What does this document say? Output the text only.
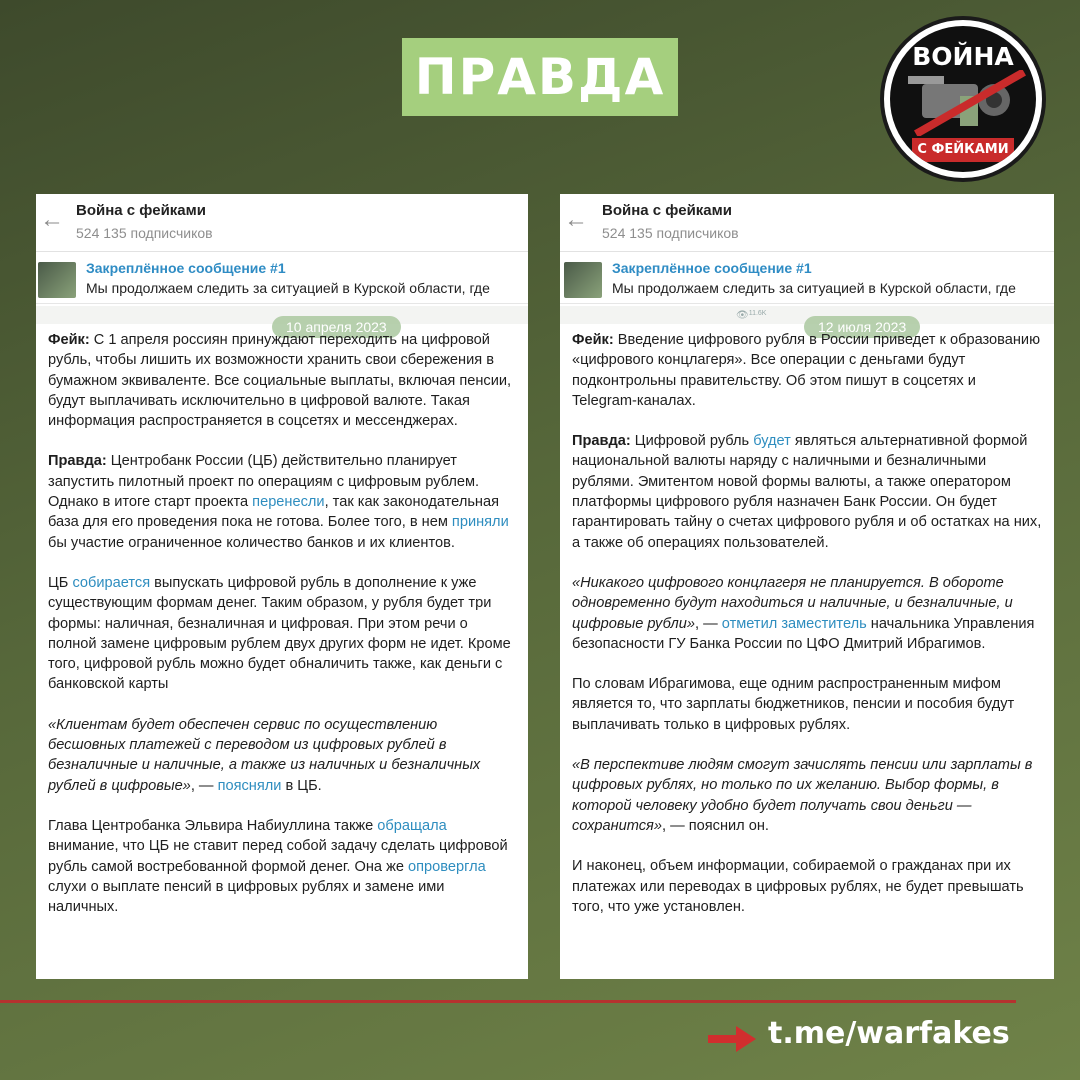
ПРАВДА	ВОЙНА
С ФЕЙКАМИ
← Война с фейками
524 135 подписчиков
Закреплённое сообщение #1
Мы продолжаем следить за ситуацией в Курской области, где
10 апреля 2023

Фейк: С 1 апреля россиян принуждают переходить на цифровой рубль, чтобы лишить их возможности хранить свои сбережения в бумажном эквиваленте. Все социальные выплаты, включая пенсии, будут выплачивать исключительно в цифровой валюте. Такая информация распространяется в соцсетях и мессенджерах.

Правда: Центробанк России (ЦБ) действительно планирует запустить пилотный проект по операциям с цифровым рублем. Однако в итоге старт проекта перенесли, так как законодательная база для его проведения пока не готова. Более того, в нем приняли бы участие ограниченное количество банков и их клиентов.

ЦБ собирается выпускать цифровой рубль в дополнение к уже существующим формам денег. Таким образом, у рубля будет три формы: наличная, безналичная и цифровая. При этом речи о полной замене цифровым рублем двух других форм не идет. Кроме того, цифровой рубль можно будет обналичить также, как деньги с банковской карты

«Клиентам будет обеспечен сервис по осуществлению бесшовных платежей с переводом из цифровых рублей в безналичные и наличные, а также из наличных и безналичных рублей в цифровые», — поясняли в ЦБ.

Глава Центробанка Эльвира Набиуллина также обращала внимание, что ЦБ не ставит перед собой задачу сделать цифровой рубль самой востребованной формой денег. Она же опровергла слухи о выплате пенсий в цифровых рублях и замене ими наличных.

← Война с фейками
524 135 подписчиков
Закреплённое сообщение #1
Мы продолжаем следить за ситуацией в Курской области, где
👁 11.6K
12 июля 2023

Фейк: Введение цифрового рубля в России приведет к образованию «цифрового концлагеря». Все операции с деньгами будут подконтрольны правительству. Об этом пишут в соцсетях и Telegram-каналах.

Правда: Цифровой рубль будет являться альтернативной формой национальной валюты наряду с наличными и безналичными рублями. Эмитентом новой формы валюты, а также оператором платформы цифрового рубля назначен Банк России. Он будет гарантировать тайну о счетах цифрового рубля и об остатках на них, а также об операциях пользователей.

«Никакого цифрового концлагеря не планируется. В обороте одновременно будут находиться и наличные, и безналичные, и цифровые рубли», — отметил заместитель начальника Управления безопасности ГУ Банка России по ЦФО Дмитрий Ибрагимов.

По словам Ибрагимова, еще одним распространенным мифом является то, что зарплаты бюджетников, пенсии и пособия будут выплачивать только в цифровых рублях.

«В перспективе людям смогут зачислять пенсии или зарплаты в цифровых рублях, но только по их желанию. Выбор формы, в которой человеку удобно будет получать свои деньги — сохранится», — пояснил он.

И наконец, объем информации, собираемой о гражданах при их платежах или переводах в цифровых рублях, не будет превышать того, что уже установлен.

t.me/warfakes
